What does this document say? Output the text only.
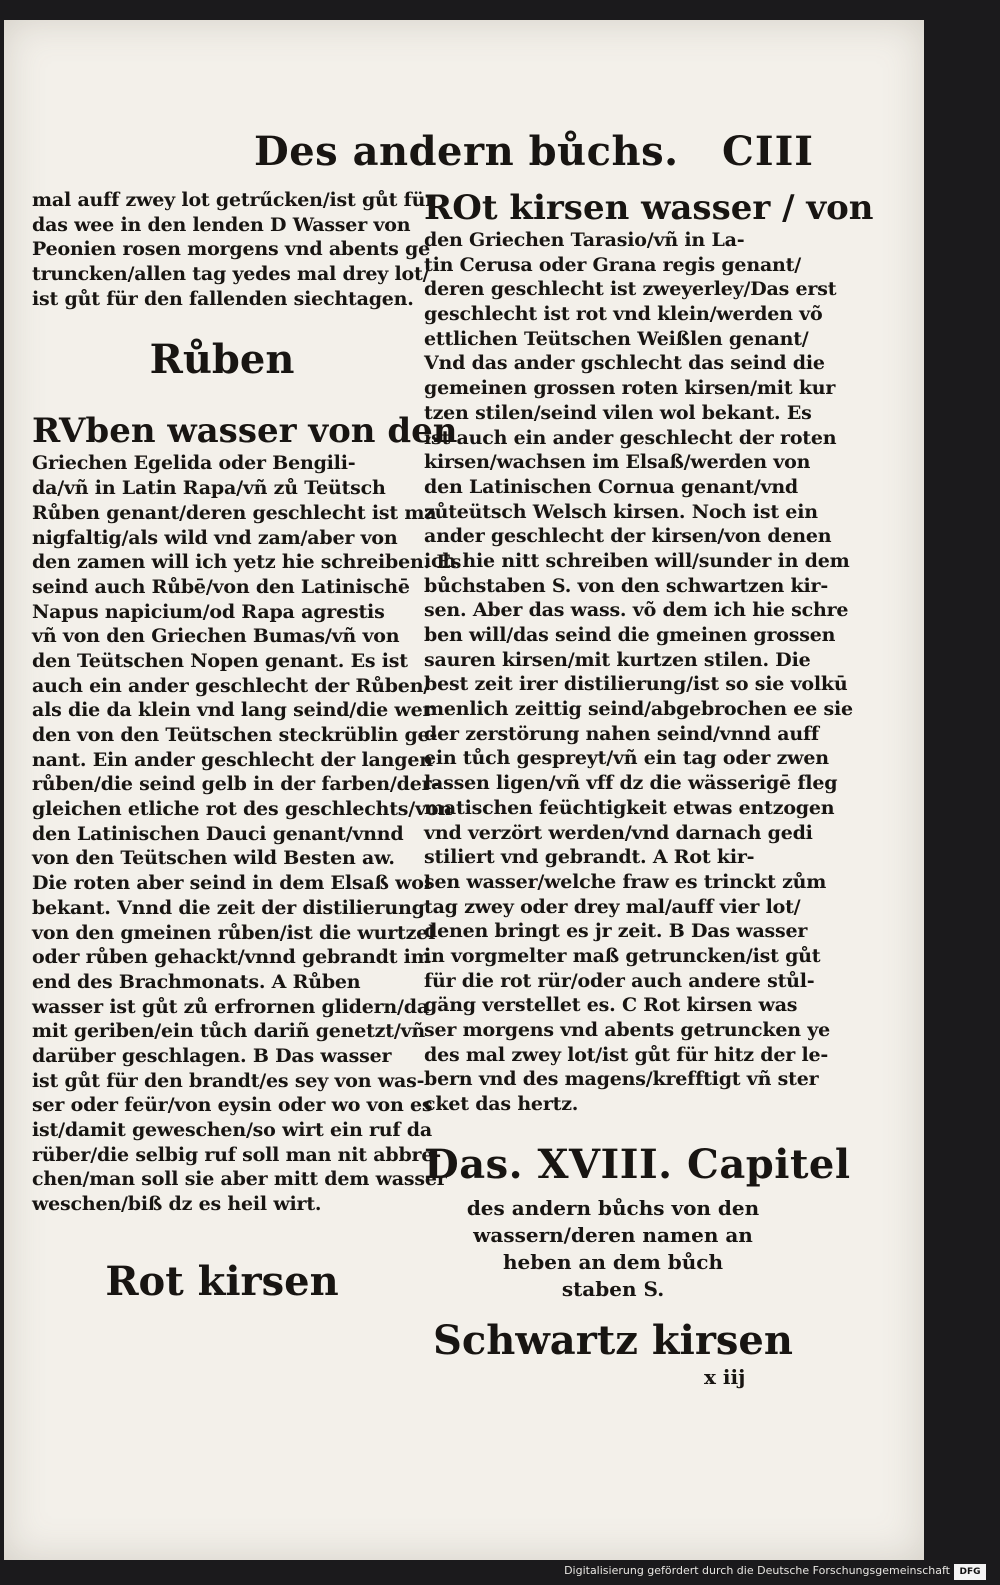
Des andern bůchs. CIII
mal auff zwey lot getrűcken/ist gůt für
das wee in den lenden D Wasser von
Peonien rosen morgens vnd abents ge
truncken/allen tag yedes mal drey lot/
ist gůt für den fallenden siechtagen.
Růben
RVben wasser von den
Griechen Egelida oder Bengili-
da/vñ in Latin Rapa/vñ zů Teütsch
Růben genant/deren geschlecht ist ma
nigfaltig/als wild vnd zam/aber von
den zamen will ich yetz hie schreiben. Es
seind auch Růbē/von den Latinischē
Napus napicium/od Rapa agrestis
vñ von den Griechen Bumas/vñ von
den Teütschen Nopen genant. Es ist
auch ein ander geschlecht der Růben/
als die da klein vnd lang seind/die wer
den von den Teütschen steckrüblin ge-
nant. Ein ander geschlecht der langen
růben/die seind gelb in der farben/der-
gleichen etliche rot des geschlechts/von
den Latinischen Dauci genant/vnnd
von den Teütschen wild Besten aw.
Die roten aber seind in dem Elsaß wol
bekant. Vnnd die zeit der distilierung
von den gmeinen růben/ist die wurtzel
oder růben gehackt/vnnd gebrandt im
end des Brachmonats. A Růben
wasser ist gůt zů erfrornen glidern/da
mit geriben/ein tůch dariñ genetzt/vñ
darüber geschlagen. B Das wasser
ist gůt für den brandt/es sey von was-
ser oder feür/von eysin oder wo von es
ist/damit geweschen/so wirt ein ruf da
rüber/die selbig ruf soll man nit abbre-
chen/man soll sie aber mitt dem wasser
weschen/biß dz es heil wirt.
Rot kirsen
ROt kirsen wasser / von
den Griechen Tarasio/vñ in La-
tin Cerusa oder Grana regis genant/
deren geschlecht ist zweyerley/Das erst
geschlecht ist rot vnd klein/werden võ
ettlichen Teütschen Weißlen genant/
Vnd das ander gschlecht das seind die
gemeinen grossen roten kirsen/mit kur
tzen stilen/seind vilen wol bekant. Es
ist auch ein ander geschlecht der roten
kirsen/wachsen im Elsaß/werden von
den Latinischen Cornua genant/vnd
zůteütsch Welsch kirsen. Noch ist ein
ander geschlecht der kirsen/von denen
ich hie nitt schreiben will/sunder in dem
bůchstaben S. von den schwartzen kir-
sen. Aber das wass. võ dem ich hie schre
ben will/das seind die gmeinen grossen
sauren kirsen/mit kurtzen stilen. Die
best zeit irer distilierung/ist so sie volkū
menlich zeittig seind/abgebrochen ee sie
der zerstörung nahen seind/vnnd auff
ein tůch gespreyt/vñ ein tag oder zwen
lassen ligen/vñ vff dz die wässerigē fleg
matischen feüchtigkeit etwas entzogen
vnd verzört werden/vnd darnach gedi
stiliert vnd gebrandt. A Rot kir-
sen wasser/welche fraw es trinckt zům
tag zwey oder drey mal/auff vier lot/
denen bringt es jr zeit. B Das wasser
in vorgmelter maß getruncken/ist gůt
für die rot rür/oder auch andere stůl-
gäng verstellet es. C Rot kirsen was
ser morgens vnd abents getruncken ye
des mal zwey lot/ist gůt für hitz der le-
bern vnd des magens/krefftigt vñ ster
cket das hertz.
Das. XVIII. Capitel
des andern bůchs von den
wassern/deren namen an
heben an dem bůch
staben S.
Schwartz kirsen
x iij
Digitalisierung gefördert durch die Deutsche Forschungsgemeinschaft	DFG
